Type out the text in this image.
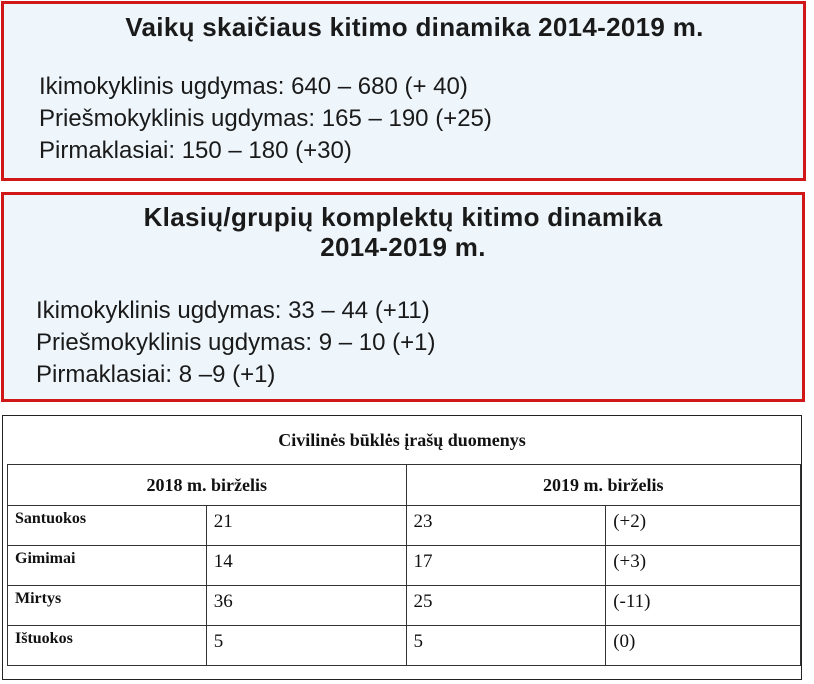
Vaikų skaičiaus kitimo dinamika 2014-2019 m.
Ikimokyklinis ugdymas: 640 – 680 (+ 40)
Priešmokyklinis ugdymas: 165 – 190 (+25)
Pirmaklasiai: 150 – 180 (+30)
Klasių/grupių komplektų kitimo dinamika
2014-2019 m.
Ikimokyklinis ugdymas: 33 – 44 (+11)
Priešmokyklinis ugdymas: 9 – 10 (+1)
Pirmaklasiai: 8 –9 (+1)
Civilinės būklės įrašų duomenys
2018 m. birželis		2019 m. birželis	
Santuokos	21	23	(+2)
Gimimai	14	17	(+3)
Mirtys	36	25	(-11)
Ištuokos	5	5	(0)
